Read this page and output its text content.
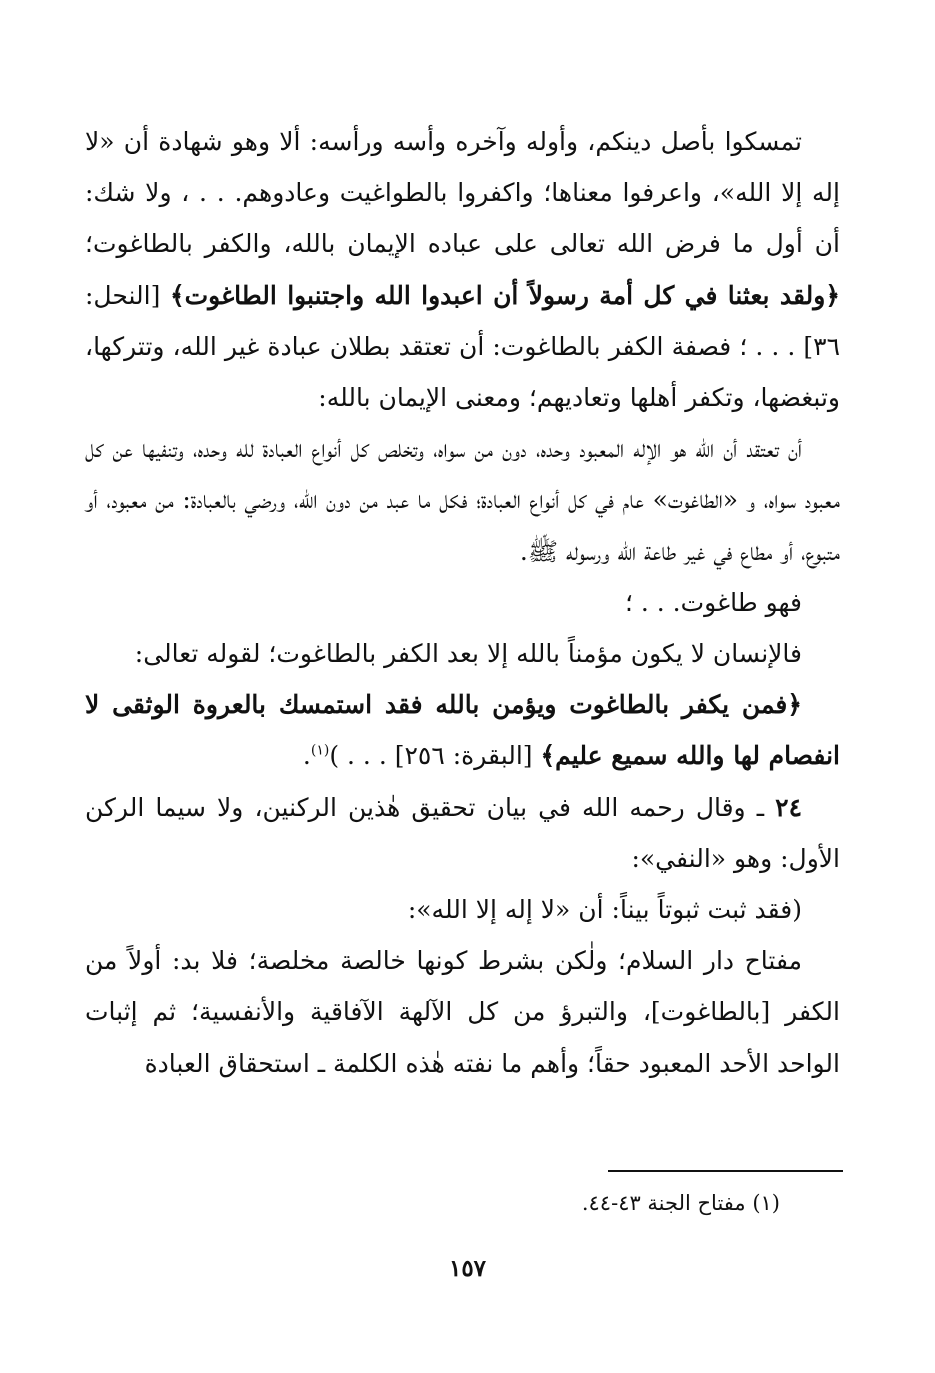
تمسكوا بأصل دينكم، وأوله وآخره وأسه ورأسه: ألا وهو شهادة أن «لا إله إلا الله»، واعرفوا معناها؛ واكفروا بالطواغيت وعادوهم. . . ، ولا شك: أن أول ما فرض الله تعالى على عباده الإيمان بالله، والكفر بالطاغوت؛ ﴿ولقد بعثنا في كل أمة رسولاً أن اعبدوا الله واجتنبوا الطاغوت﴾ [النحل: ٣٦] . . . ؛ فصفة الكفر بالطاغوت: أن تعتقد بطلان عبادة غير الله، وتتركها، وتبغضها، وتكفر أهلها وتعاديهم؛ ومعنى الإيمان بالله:

أن تعتقد أن الله هو الإله المعبود وحده، دون من سواه، وتخلص كل أنواع العبادة لله وحده، وتنفيها عن كل معبود سواه، و «الطاغوت» عام في كل أنواع العبادة؛ فكل ما عبد من دون الله، ورضي بالعبادة: من معبود، أو متبوع، أو مطاع في غير طاعة الله ورسوله ﷺ.

فهو طاغوت. . . ؛

فالإنسان لا يكون مؤمناً بالله إلا بعد الكفر بالطاغوت؛ لقوله تعالى:

﴿فمن يكفر بالطاغوت ويؤمن بالله فقد استمسك بالعروة الوثقى لا انفصام لها والله سميع عليم﴾ [البقرة: ٢٥٦] . . . )$^{(١)}$.

٢٤ ـ وقال رحمه الله في بيان تحقيق هٰذين الركنين، ولا سيما الركن الأول: وهو «النفي»:

(فقد ثبت ثبوتاً بيناً: أن «لا إله إلا الله»:

مفتاح دار السلام؛ ولٰكن بشرط كونها خالصة مخلصة؛ فلا بد: أولاً من الكفر [بالطاغوت]، والتبرؤ من كل الآلهة الآفاقية والأنفسية؛ ثم إثبات الواحد الأحد المعبود حقاً؛ وأهم ما نفته هٰذه الكلمة ـ استحقاق العبادة

(١) مفتاح الجنة ٤٣-٤٤.
١٥٧
